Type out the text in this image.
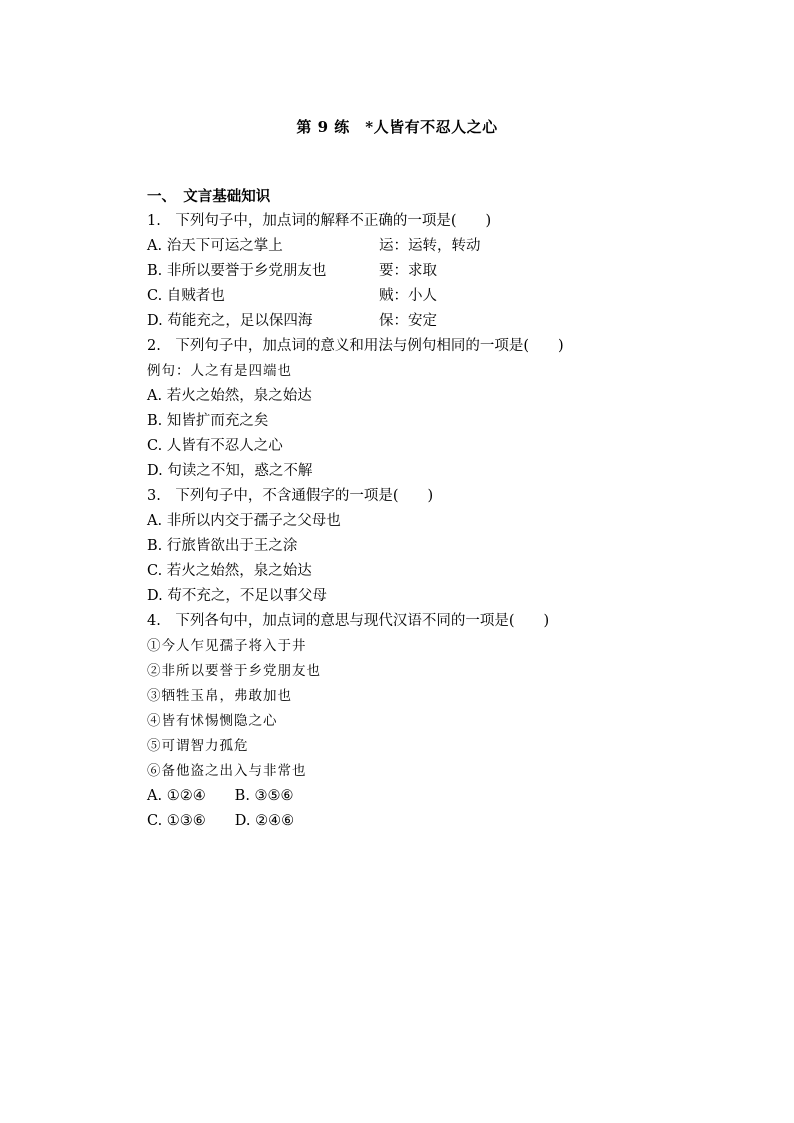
第 9 练　*人皆有不忍人之心
一、　文言基础知识
1.　下列句子中，加点词的解释不正确的一项是(　　)
A. 治天下可运之掌上	运：运转，转动
B. 非所以要誉于乡党朋友也	要：求取
C. 自贼者也	贼：小人
D. 苟能充之，足以保四海	保：安定
2.　下列句子中，加点词的意义和用法与例句相同的一项是(　　)
例句：人之有是四端也
A. 若火之始然，泉之始达
B. 知皆扩而充之矣
C. 人皆有不忍人之心
D. 句读之不知，惑之不解
3.　下列句子中，不含通假字的一项是(　　)
A. 非所以内交于孺子之父母也
B. 行旅皆欲出于王之涂
C. 若火之始然，泉之始达
D. 苟不充之，不足以事父母
4.　下列各句中，加点词的意思与现代汉语不同的一项是(　　)
①今人乍见孺子将入于井
②非所以要誉于乡党朋友也
③牺牲玉帛，弗敢加也
④皆有怵惕恻隐之心
⑤可谓智力孤危
⑥备他盗之出入与非常也
A. ①②④　　B. ③⑤⑥
C. ①③⑥　　D. ②④⑥
